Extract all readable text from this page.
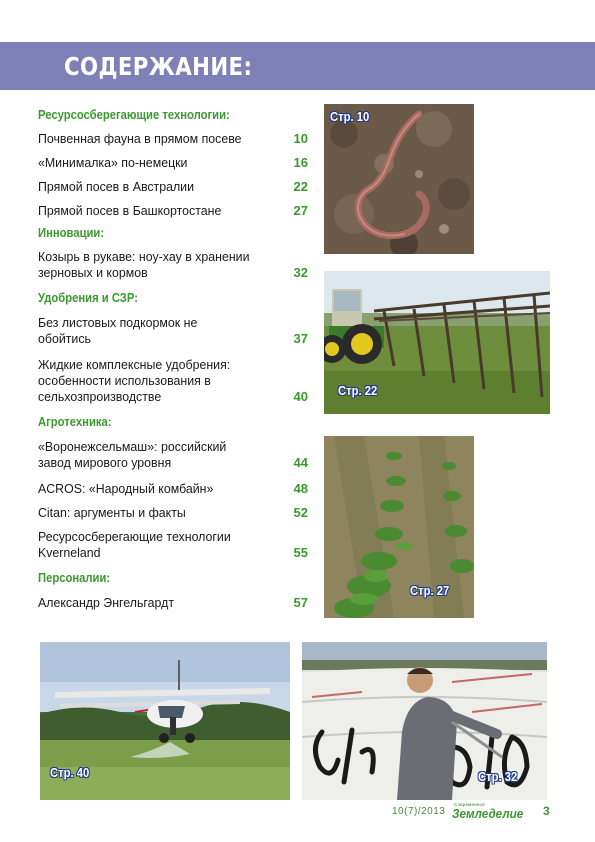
СОДЕРЖАНИЕ:
Ресурсосберегающие технологии:
Почвенная фауна в прямом посеве	10
«Минималка» по-немецки	16
Прямой посев в Австралии	22
Прямой посев в Башкортостане	27
Инновации:
Козырь в рукаве: ноу-хау в хранении зерновых и кормов	32
Удобрения и СЗР:
Без листовых подкормок не обойтись	37
Жидкие комплексные удобрения: особенности использования в сельхозпроизводстве	40
Агротехника:
«Воронежсельмаш»: российский завод мирового уровня	44
ACROS: «Народный комбайн»	48
Citan: аргументы и факты	52
Ресурсосберегающие технологии Kverneland	55
Персоналии:
Александр Энгельгардт	57
Стр. 10
Стр. 22
Стр. 27
Стр. 40	Стр. 32
10(7)/2013
Современное
Земледелие 3
